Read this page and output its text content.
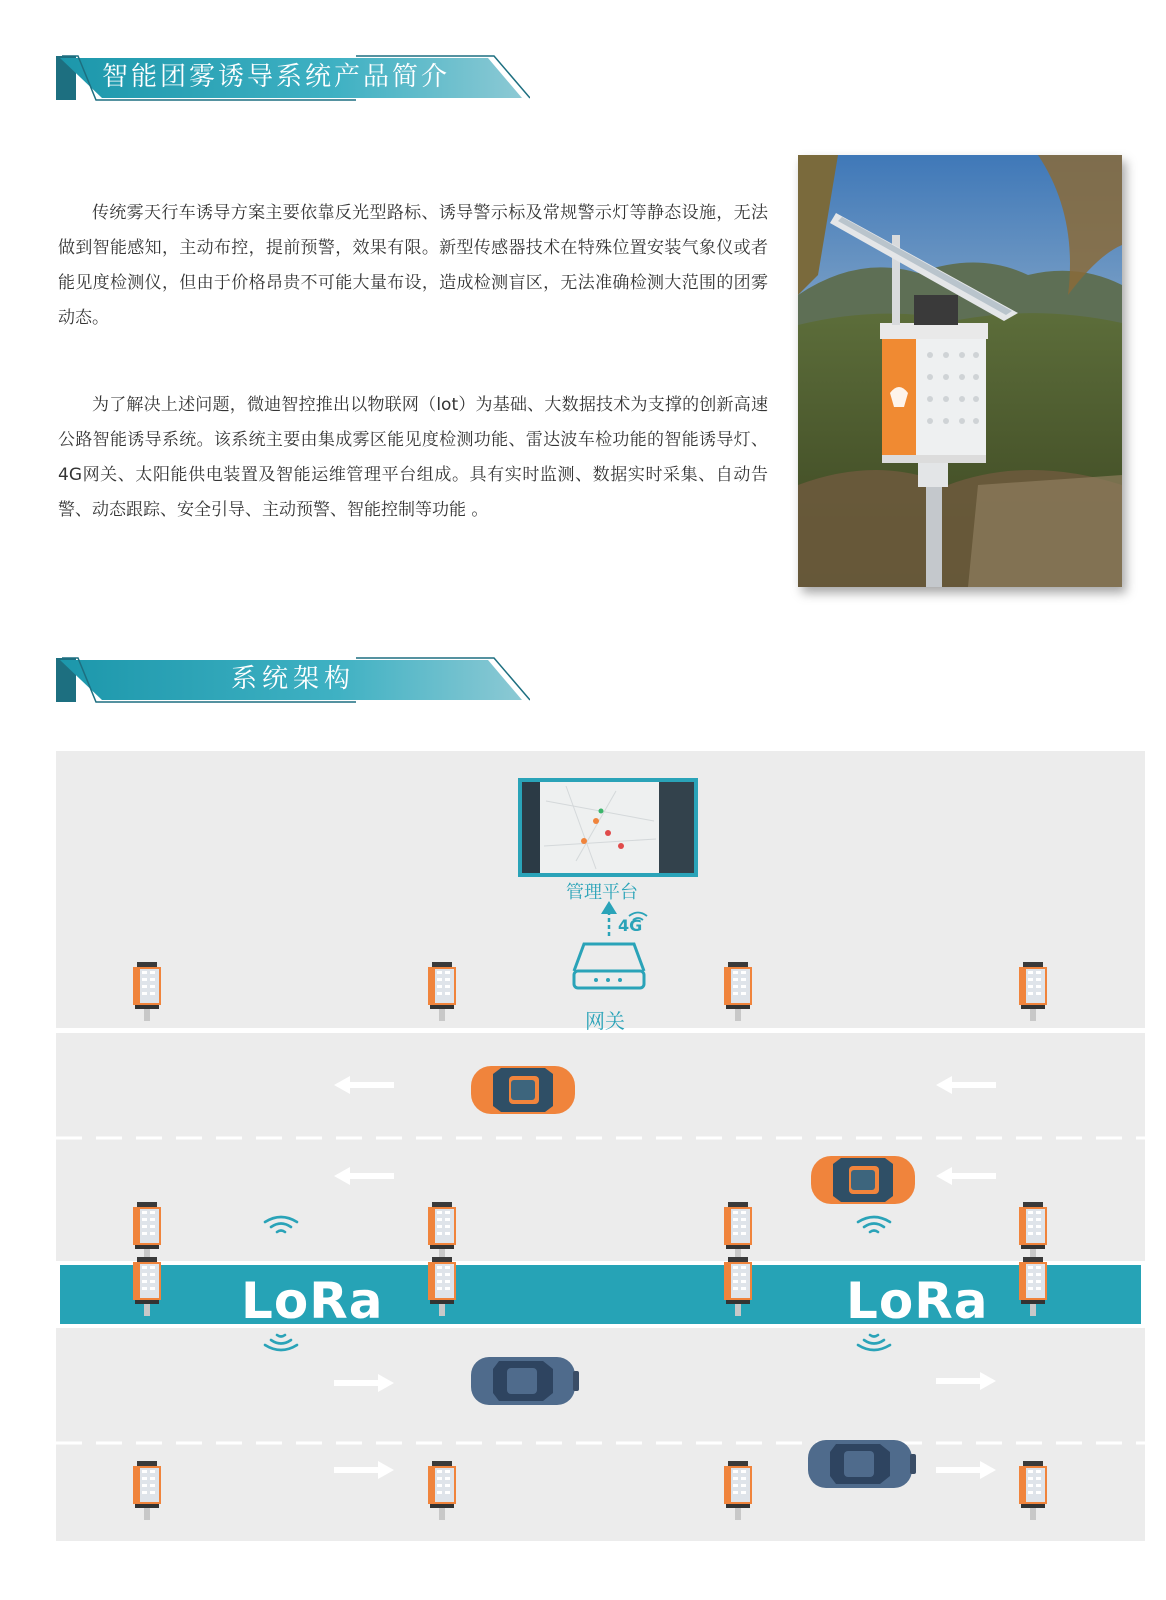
智能团雾诱导系统产品简介

传统雾天行车诱导方案主要依靠反光型路标、诱导警示标及常规警示灯等静态设施，无法做到智能感知，主动布控，提前预警，效果有限。新型传感器技术在特殊位置安装气象仪或者能见度检测仪，但由于价格昂贵不可能大量布设，造成检测盲区，无法准确检测大范围的团雾动态。

为了解决上述问题，微迪智控推出以物联网（lot）为基础、大数据技术为支撑的创新高速公路智能诱导系统。该系统主要由集成雾区能见度检测功能、雷达波车检功能的智能诱导灯、4G网关、太阳能供电装置及智能运维管理平台组成。具有实时监测、数据实时采集、自动告警、动态跟踪、安全引导、主动预警、智能控制等功能 。

系统架构
4G
管理平台
网关
LoRa	LoRa
